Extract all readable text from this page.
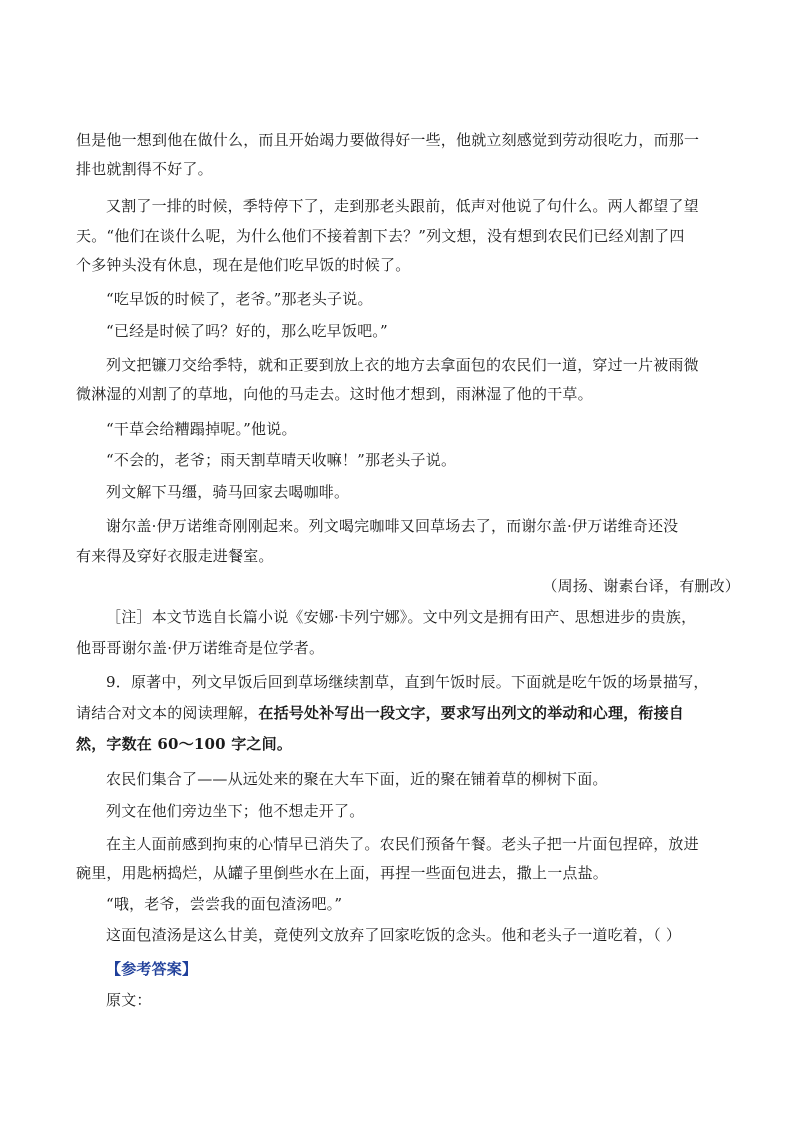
但是他一想到他在做什么，而且开始竭力要做得好一些，他就立刻感觉到劳动很吃力，而那一
排也就割得不好了。
又割了一排的时候，季特停下了，走到那老头跟前，低声对他说了句什么。两人都望了望
天。“他们在谈什么呢，为什么他们不接着割下去？”列文想，没有想到农民们已经刈割了四
个多钟头没有休息，现在是他们吃早饭的时候了。
“吃早饭的时候了，老爷。”那老头子说。
“已经是时候了吗？好的，那么吃早饭吧。”
列文把镰刀交给季特，就和正要到放上衣的地方去拿面包的农民们一道，穿过一片被雨微
微淋湿的刈割了的草地，向他的马走去。这时他才想到，雨淋湿了他的干草。
“干草会给糟蹋掉呢。”他说。
“不会的，老爷；雨天割草晴天收嘛！”那老头子说。
列文解下马缰，骑马回家去喝咖啡。
谢尔盖·伊万诺维奇刚刚起来。列文喝完咖啡又回草场去了，而谢尔盖·伊万诺维奇还没
有来得及穿好衣服走进餐室。
（周扬、谢素台译，有删改）
［注］本文节选自长篇小说《安娜·卡列宁娜》。文中列文是拥有田产、思想进步的贵族，
他哥哥谢尔盖·伊万诺维奇是位学者。
9．原著中，列文早饭后回到草场继续割草，直到午饭时辰。下面就是吃午饭的场景描写，
请结合对文本的阅读理解，在括号处补写出一段文字，要求写出列文的举动和心理，衔接自
然，字数在 60～100 字之间。
农民们集合了——从远处来的聚在大车下面，近的聚在铺着草的柳树下面。
列文在他们旁边坐下；他不想走开了。
在主人面前感到拘束的心情早已消失了。农民们预备午餐。老头子把一片面包捏碎，放进
碗里，用匙柄捣烂，从罐子里倒些水在上面，再捏一些面包进去，撒上一点盐。
“哦，老爷，尝尝我的面包渣汤吧。”
这面包渣汤是这么甘美，竟使列文放弃了回家吃饭的念头。他和老头子一道吃着，（ ）
【参考答案】
原文：
